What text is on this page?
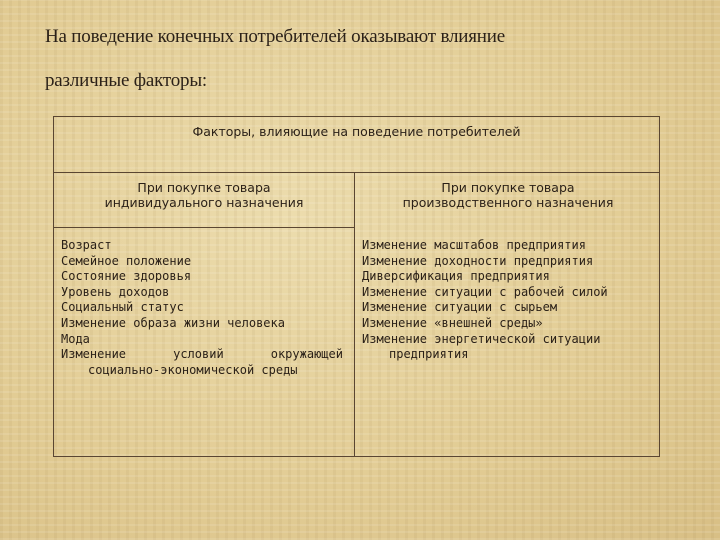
На поведение конечных потребителей оказывают влияние
различные факторы:
Факторы, влияющие на поведение потребителей
При покупке товара
индивидуального назначения
При покупке товара
производственного назначения
Возраст
Семейное положение
Состояние здоровья
Уровень доходов
Социальный статус
Изменение образа жизни человека
Мода
Изменение	условий	окружающей
социально-экономической среды
Изменение масштабов предприятия
Изменение доходности предприятия
Диверсификация предприятия
Изменение ситуации с рабочей силой
Изменение ситуации с сырьем
Изменение «внешней среды»
Изменение энергетической ситуации
предприятия
